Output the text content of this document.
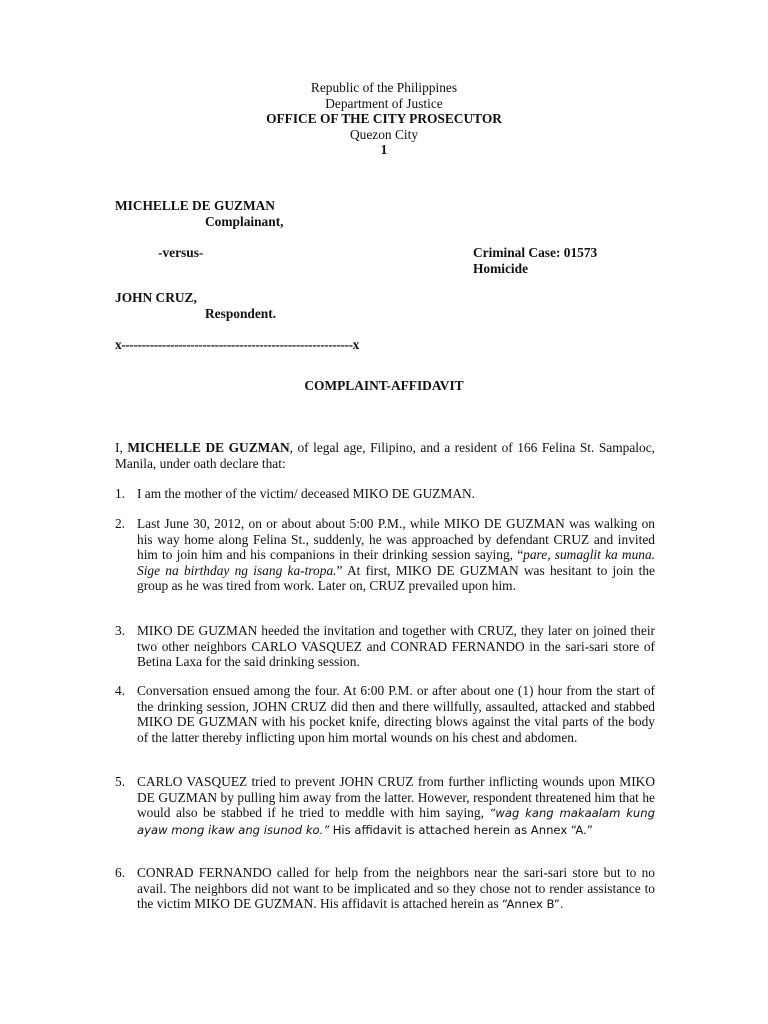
Republic of the Philippines
Department of Justice
OFFICE OF THE CITY PROSECUTOR
Quezon City
1
MICHELLE DE GUZMAN
Complainant,
-versus-	Criminal Case: 01573
Homicide
JOHN CRUZ,
Respondent.
x---------------------------------------------------------x
COMPLAINT-AFFIDAVIT
I, MICHELLE DE GUZMAN, of legal age, Filipino, and a resident of 166 Felina St. Sampaloc, Manila, under oath declare that:
1. I am the mother of the victim/ deceased MIKO DE GUZMAN.
2. Last June 30, 2012, on or about about 5:00 P.M., while MIKO DE GUZMAN was walking on his way home along Felina St., suddenly, he was approached by defendant CRUZ and invited him to join him and his companions in their drinking session saying, “pare, sumaglit ka muna. Sige na birthday ng isang ka-tropa.” At first, MIKO DE GUZMAN was hesitant to join the group as he was tired from work. Later on, CRUZ prevailed upon him.
3. MIKO DE GUZMAN heeded the invitation and together with CRUZ, they later on joined their two other neighbors CARLO VASQUEZ and CONRAD FERNANDO in the sari-sari store of Betina Laxa for the said drinking session.
4. Conversation ensued among the four. At 6:00 P.M. or after about one (1) hour from the start of the drinking session, JOHN CRUZ did then and there willfully, assaulted, attacked and stabbed MIKO DE GUZMAN with his pocket knife, directing blows against the vital parts of the body of the latter thereby inflicting upon him mortal wounds on his chest and abdomen.
5. CARLO VASQUEZ tried to prevent JOHN CRUZ from further inflicting wounds upon MIKO DE GUZMAN by pulling him away from the latter. However, respondent threatened him that he would also be stabbed if he tried to meddle with him saying, “wag kang makaalam kung ayaw mong ikaw ang isunod ko.” His affidavit is attached herein as Annex “A.”
6. CONRAD FERNANDO called for help from the neighbors near the sari-sari store but to no avail. The neighbors did not want to be implicated and so they chose not to render assistance to the victim MIKO DE GUZMAN. His affidavit is attached herein as “Annex B”.
